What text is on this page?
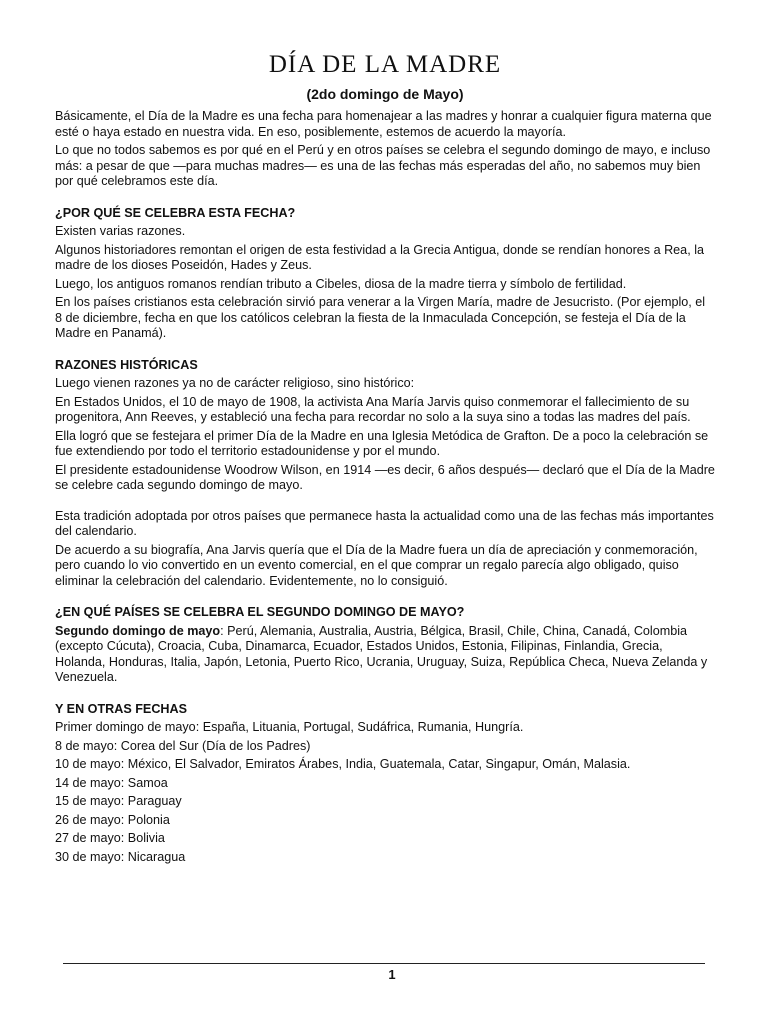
DÍA DE LA MADRE
(2do domingo de Mayo)

Básicamente, el Día de la Madre es una fecha para homenajear a las madres y honrar a cualquier figura materna que esté o haya estado en nuestra vida. En eso, posiblemente, estemos de acuerdo la mayoría.

Lo que no todos sabemos es por qué en el Perú y en otros países se celebra el segundo domingo de mayo, e incluso más: a pesar de que —para muchas madres— es una de las fechas más esperadas del año, no sabemos muy bien por qué celebramos este día.

¿POR QUÉ SE CELEBRA ESTA FECHA?

Existen varias razones.

Algunos historiadores remontan el origen de esta festividad a la Grecia Antigua, donde se rendían honores a Rea, la madre de los dioses Poseidón, Hades y Zeus.

Luego, los antiguos romanos rendían tributo a Cibeles, diosa de la madre tierra y símbolo de fertilidad.

En los países cristianos esta celebración sirvió para venerar a la Virgen María, madre de Jesucristo. (Por ejemplo, el 8 de diciembre, fecha en que los católicos celebran la fiesta de la Inmaculada Concepción, se festeja el Día de la Madre en Panamá).

RAZONES HISTÓRICAS

Luego vienen razones ya no de carácter religioso, sino histórico:

En Estados Unidos, el 10 de mayo de 1908, la activista Ana María Jarvis quiso conmemorar el fallecimiento de su progenitora, Ann Reeves, y estableció una fecha para recordar no solo a la suya sino a todas las madres del país.

Ella logró que se festejara el primer Día de la Madre en una Iglesia Metódica de Grafton. De a poco la celebración se fue extendiendo por todo el territorio estadounidense y por el mundo.

El presidente estadounidense Woodrow Wilson, en 1914 —es decir, 6 años después— declaró que el Día de la Madre se celebre cada segundo domingo de mayo.

Esta tradición adoptada por otros países que permanece hasta la actualidad como una de las fechas más importantes del calendario.

De acuerdo a su biografía, Ana Jarvis quería que el Día de la Madre fuera un día de apreciación y conmemoración, pero cuando lo vio convertido en un evento comercial, en el que comprar un regalo parecía algo obligado, quiso eliminar la celebración del calendario. Evidentemente, no lo consiguió.

¿EN QUÉ PAÍSES SE CELEBRA EL SEGUNDO DOMINGO DE MAYO?

Segundo domingo de mayo: Perú, Alemania, Australia, Austria, Bélgica, Brasil, Chile, China, Canadá, Colombia (excepto Cúcuta), Croacia, Cuba, Dinamarca, Ecuador, Estados Unidos, Estonia, Filipinas, Finlandia, Grecia, Holanda, Honduras, Italia, Japón, Letonia, Puerto Rico, Ucrania, Uruguay, Suiza, República Checa, Nueva Zelanda y Venezuela.

Y EN OTRAS FECHAS

Primer domingo de mayo: España, Lituania, Portugal, Sudáfrica, Rumania, Hungría.

8 de mayo: Corea del Sur (Día de los Padres)

10 de mayo: México, El Salvador, Emiratos Árabes, India, Guatemala, Catar, Singapur, Omán, Malasia.

14 de mayo: Samoa

15 de mayo: Paraguay

26 de mayo: Polonia

27 de mayo: Bolivia

30 de mayo: Nicaragua

1
